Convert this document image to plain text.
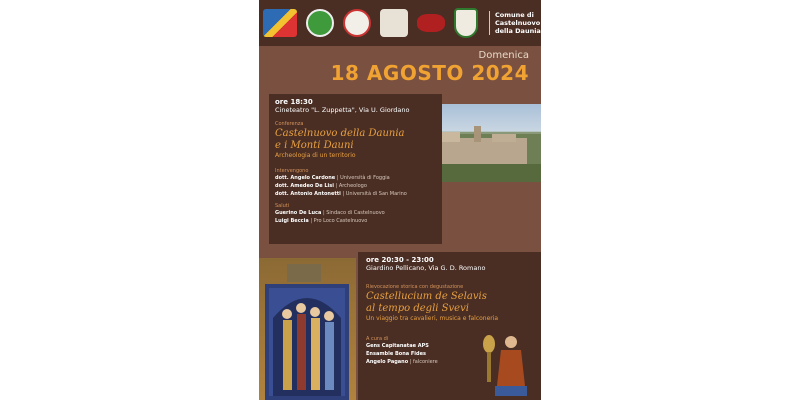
Comune di
Castelnuovo
della Daunia
Domenica
18 AGOSTO 2024
ore 18:30
Cineteatro "L. Zuppetta", Via U. Giordano
Conferenza
Castelnuovo della Daunia
e i Monti Dauni
Archeologia di un territorio
Intervengono
dott. Angelo Cardone | Università di Foggia
dott. Amedeo De Lisi | Archeologo
dott. Antonio Antonetti | Università di San Marino
Saluti
Guerino De Luca | Sindaco di Castelnuovo
Luigi Beccia | Pro Loco Castelnuovo
ore 20:30 - 23:00
Giardino Pellicano, Via G. D. Romano
Rievocazione storica con degustazione
Castellucium de Selavis
al tempo degli Svevi
Un viaggio tra cavalieri, musica e falconeria
A cura di
Gens Capitanatae APS
Ensamble Bona Fides
Angelo Pagano | falconiere
